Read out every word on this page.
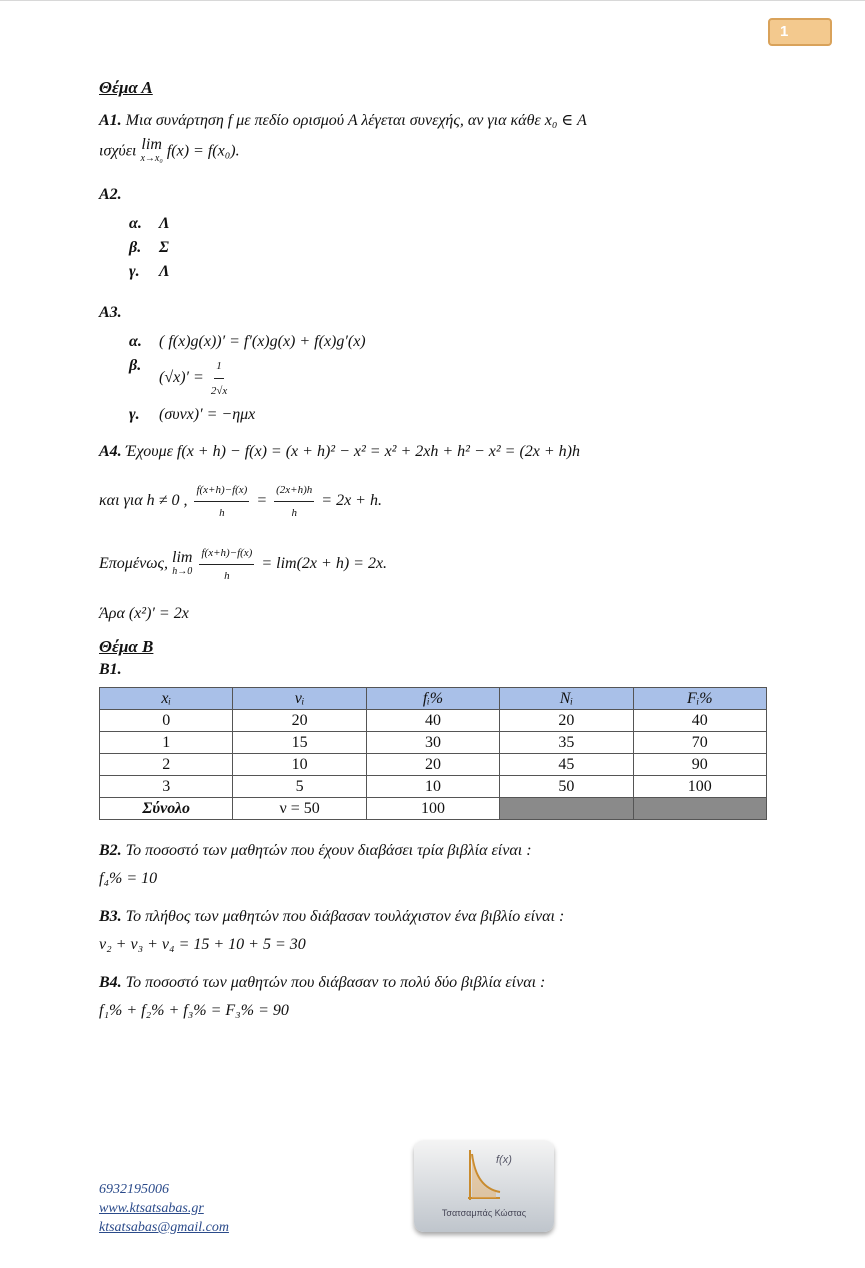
1
Θέμα Α
Α1. Μια συνάρτηση f με πεδίο ορισμού Α λέγεται συνεχής, αν για κάθε x₀ ∈ A
ισχύει lim
x→x₀ f(x) = f(x₀).
Α2.
α.	Λ
β.	Σ
γ.	Λ
Α3.
α.	( f(x)g(x))′ = f′(x)g(x) + f(x)g′(x)
β.
$(√x)' = \frac{1}{2√x}$
γ.	(συνx)′ = −ημx
Α4. Έχουμε f(x + h) − f(x) = (x + h)² − x² = x² + 2xh + h² − x² = (2x + h)h
και για h ≠ 0 , $\frac{f(x+h)-f(x)}{h} = \frac{(2x+h)h}{h} = 2x + h$.
Επομένως, lim
h→0
$\frac{f(x+h)-f(x)}{h} = \lim(2x + h) = 2x$.
Άρα (x²)′ = 2x
Θέμα Β
Β1.
xᵢ	νᵢ	fᵢ%	Nᵢ	Fᵢ%
0	20	40	20	40
1	15	30	35	70
2	10	20	45	90
3	5	10	50	100
Σύνολο	ν = 50	100		
Β2. Το ποσοστό των μαθητών που έχουν διαβάσει τρία βιβλία είναι :
f₄% = 10
Β3. Το πλήθος των μαθητών που διάβασαν τουλάχιστον ένα βιβλίο είναι :
ν₂ + ν₃ + ν₄ = 15 + 10 + 5 = 30
Β4. Το ποσοστό των μαθητών που διάβασαν το πολύ δύο βιβλία είναι :
f₁% + f₂% + f₃% = F₃% = 90
f(x)
Τσατσαμπάς Κώστας
6932195006
www.ktsatsabas.gr
ktsatsabas@gmail.com
